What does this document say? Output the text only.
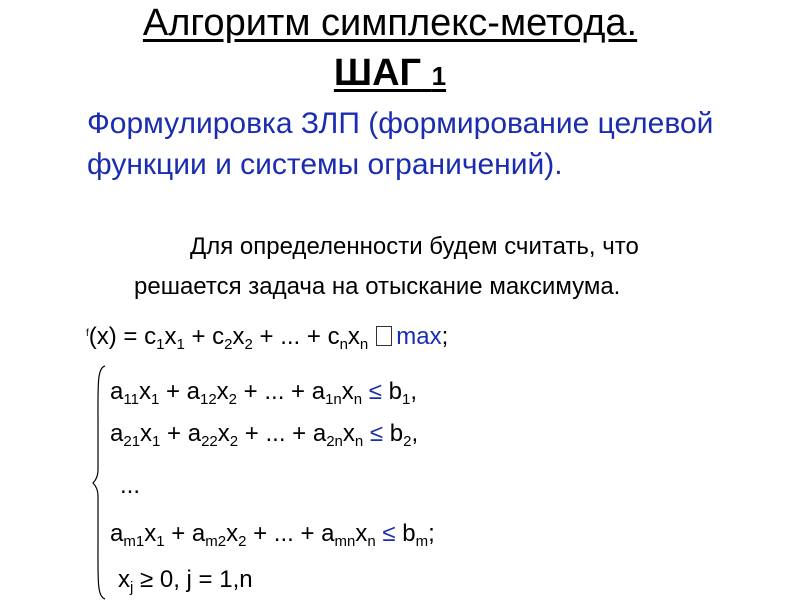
Алгоритм симплекс-метода.
ШАГ 1
Формулировка ЗЛП (формирование целевой функции и системы ограничений).
Для определенности будем считать, что
решается задача на отыскание максимума.
$^f(x) = c_1x_1 + c_2x_2$ + ... + $c_nx_n$ max;
$a_{11}x_1 + a_{12}x_2$ + ... + $a_{1n}x_n \le b_1$,
$a_{21}x_1 + a_{22}x_2$ + ... + $a_{2n}x_n \le b_2$,
...
$a_{m1}x_1 + a_{m2}x_2$ + ... + $a_{mn}x_n \le b_m$;
$x_j \ge 0$, j = 1,n
